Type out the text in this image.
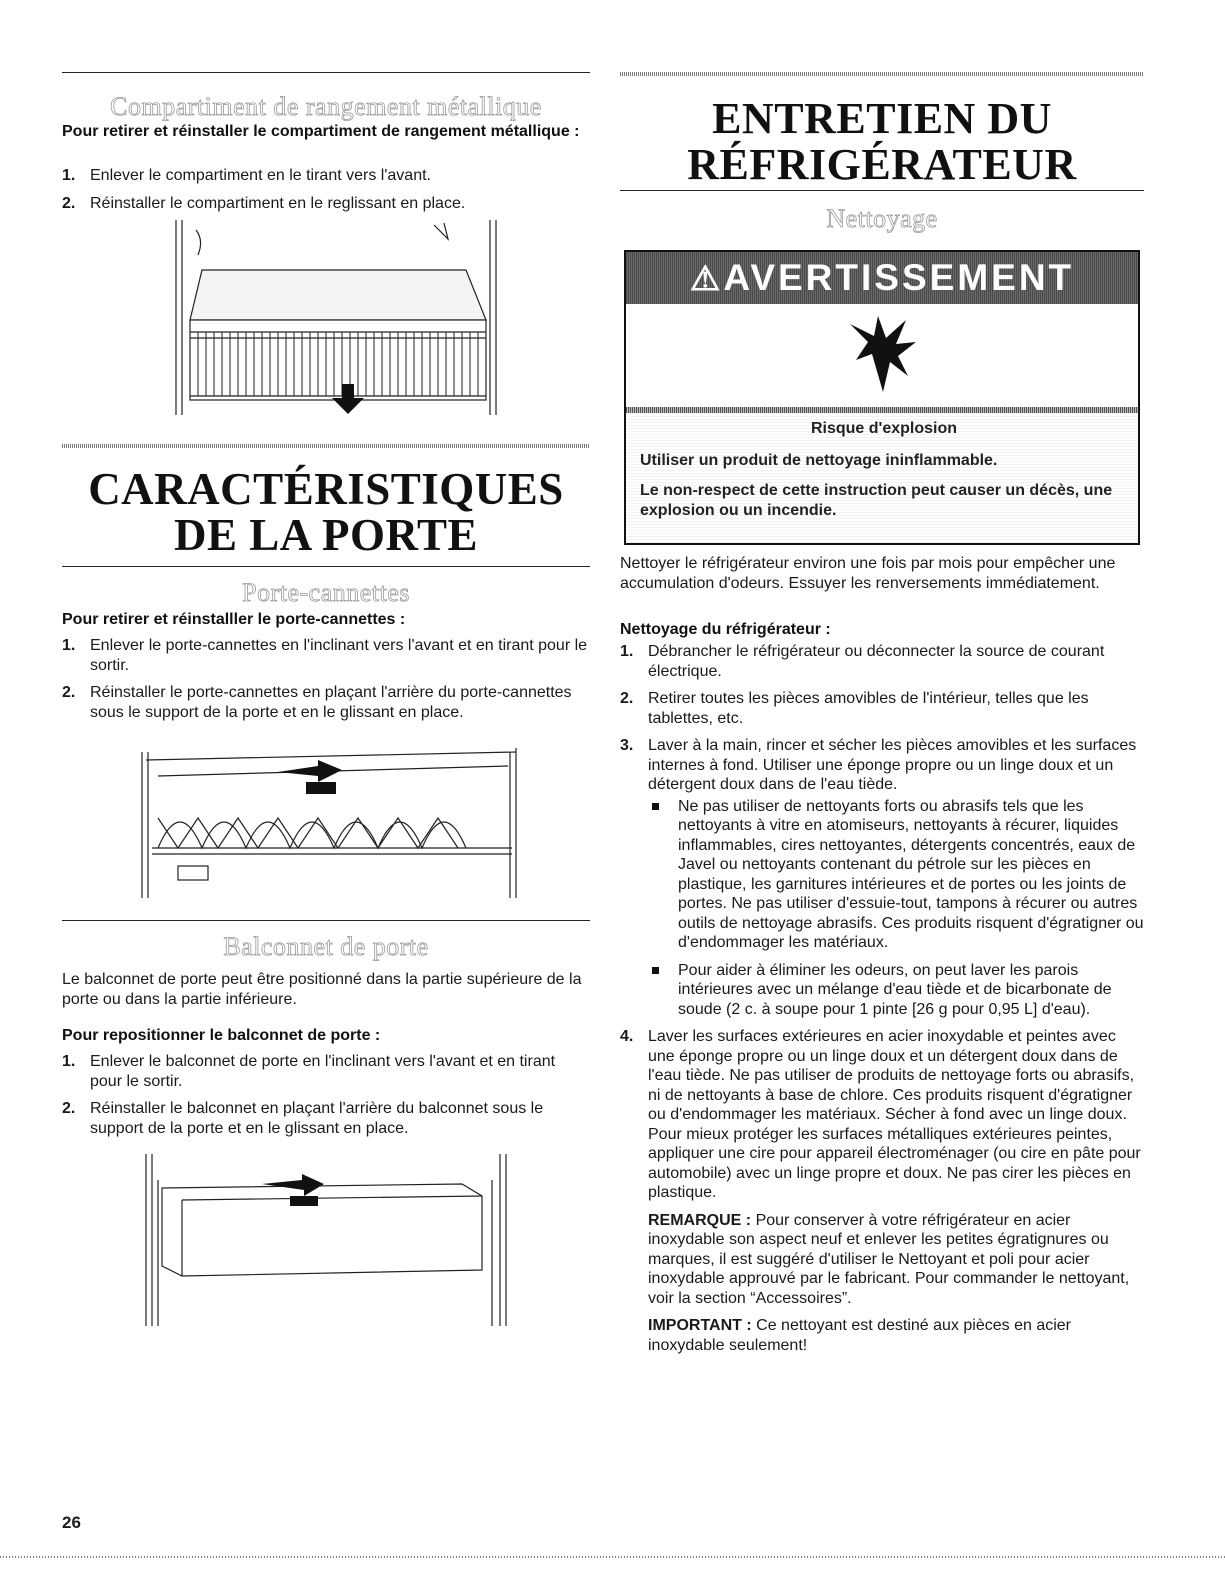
Compartiment de rangement métallique
Pour retirer et réinstaller le compartiment de rangement métallique :
1. Enlever le compartiment en le tirant vers l'avant.
2. Réinstaller le compartiment en le reglissant en place.
CARACTÉRISTIQUES DE LA PORTE
Porte-cannettes
Pour retirer et réinstalller le porte-cannettes :
1. Enlever le porte-cannettes en l'inclinant vers l'avant et en tirant pour le sortir.
2. Réinstaller le porte-cannettes en plaçant l'arrière du porte-cannettes sous le support de la porte et en le glissant en place.
Balconnet de porte
Le balconnet de porte peut être positionné dans la partie supérieure de la porte ou dans la partie inférieure.
Pour repositionner le balconnet de porte :
1. Enlever le balconnet de porte en l'inclinant vers l'avant et en tirant pour le sortir.
2. Réinstaller le balconnet en plaçant l'arrière du balconnet sous le support de la porte et en le glissant en place.
ENTRETIEN DU RÉFRIGÉRATEUR
Nettoyage
⚠AVERTISSEMENT
Risque d'explosion
Utiliser un produit de nettoyage ininflammable.
Le non-respect de cette instruction peut causer un décès, une explosion ou un incendie.
Nettoyer le réfrigérateur environ une fois par mois pour empêcher une accumulation d'odeurs. Essuyer les renversements immédiatement.
Nettoyage du réfrigérateur :
1. Débrancher le réfrigérateur ou déconnecter la source de courant électrique.
2. Retirer toutes les pièces amovibles de l'intérieur, telles que les tablettes, etc.
3. Laver à la main, rincer et sécher les pièces amovibles et les surfaces internes à fond. Utiliser une éponge propre ou un linge doux et un détergent doux dans de l'eau tiède.
Ne pas utiliser de nettoyants forts ou abrasifs tels que les nettoyants à vitre en atomiseurs, nettoyants à récurer, liquides inflammables, cires nettoyantes, détergents concentrés, eaux de Javel ou nettoyants contenant du pétrole sur les pièces en plastique, les garnitures intérieures et de portes ou les joints de portes. Ne pas utiliser d'essuie-tout, tampons à récurer ou autres outils de nettoyage abrasifs. Ces produits risquent d'égratigner ou d'endommager les matériaux.
Pour aider à éliminer les odeurs, on peut laver les parois intérieures avec un mélange d'eau tiède et de bicarbonate de soude (2 c. à soupe pour 1 pinte [26 g pour 0,95 L] d'eau).
4. Laver les surfaces extérieures en acier inoxydable et peintes avec une éponge propre ou un linge doux et un détergent doux dans de l'eau tiède. Ne pas utiliser de produits de nettoyage forts ou abrasifs, ni de nettoyants à base de chlore. Ces produits risquent d'égratigner ou d'endommager les matériaux. Sécher à fond avec un linge doux. Pour mieux protéger les surfaces métalliques extérieures peintes, appliquer une cire pour appareil électroménager (ou cire en pâte pour automobile) avec un linge propre et doux. Ne pas cirer les pièces en plastique.
REMARQUE : Pour conserver à votre réfrigérateur en acier inoxydable son aspect neuf et enlever les petites égratignures ou marques, il est suggéré d'utiliser le Nettoyant et poli pour acier inoxydable approuvé par le fabricant. Pour commander le nettoyant, voir la section “Accessoires”.
IMPORTANT : Ce nettoyant est destiné aux pièces en acier inoxydable seulement!
26
